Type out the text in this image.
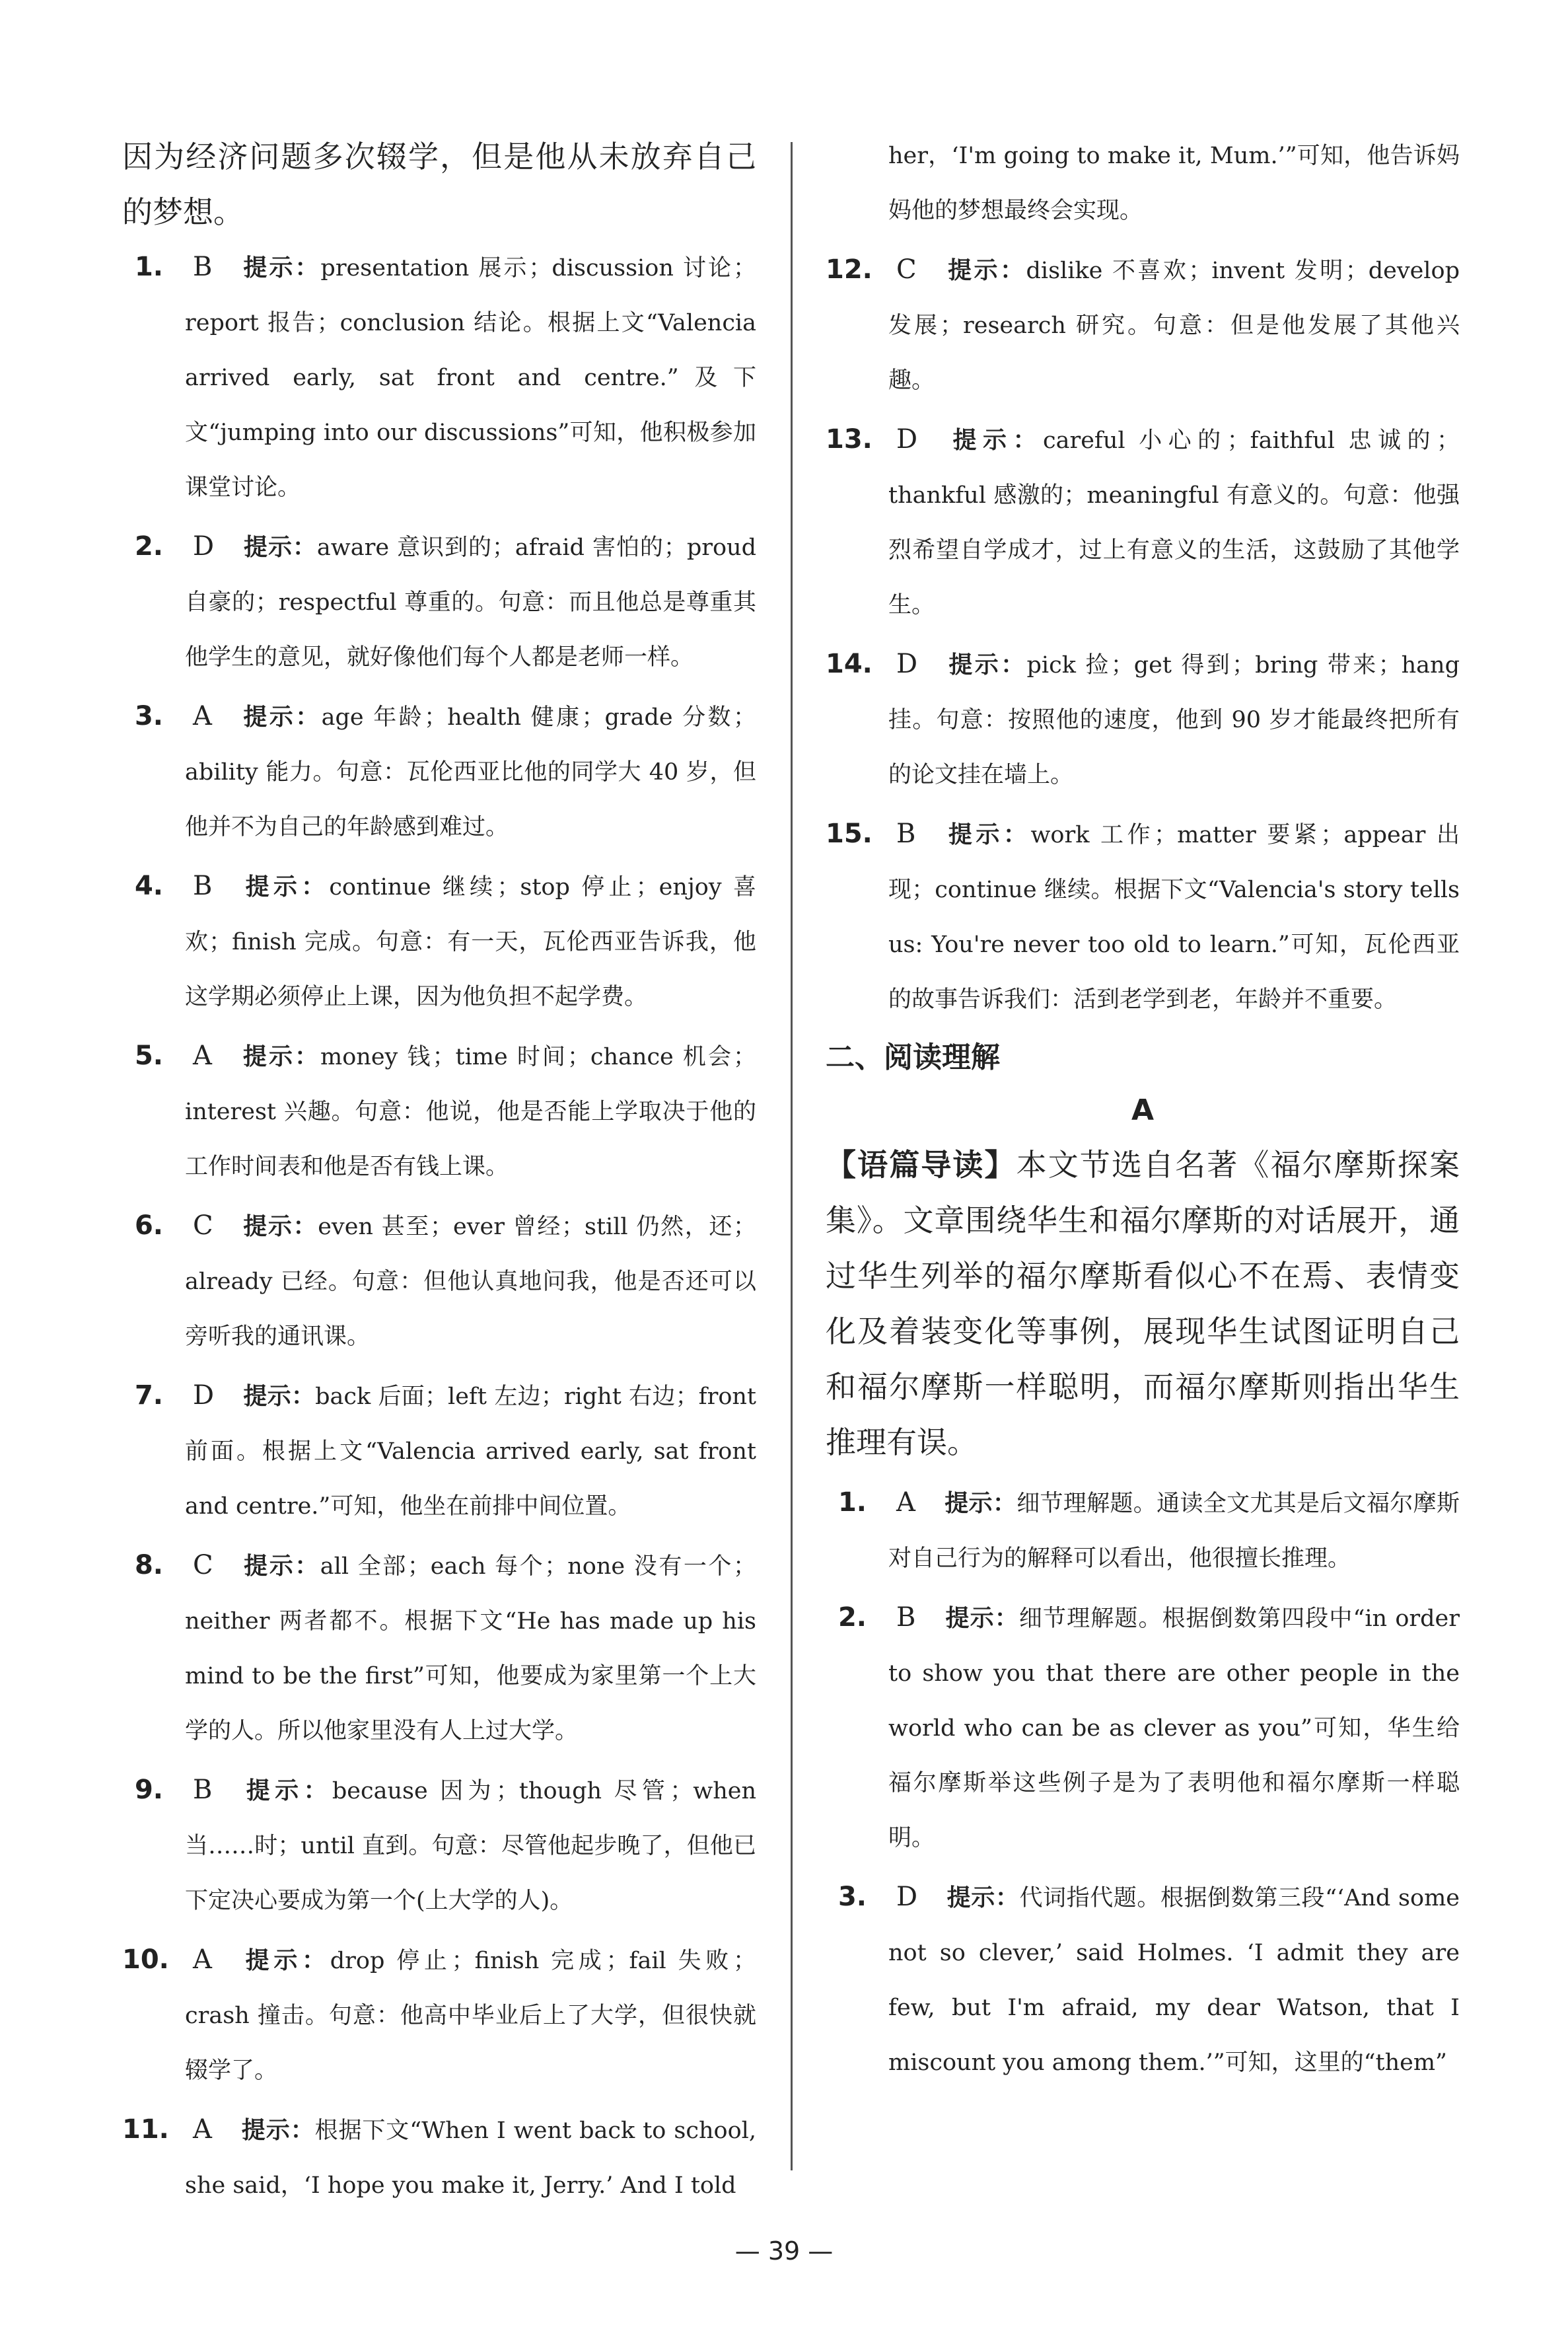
因为经济问题多次辍学，但是他从未放弃自己的梦想。

1. B 提示：presentation 展示；discussion 讨论；report 报告；conclusion 结论。根据上文“Valencia arrived early, sat front and centre.”及下文“jumping into our discussions”可知，他积极参加课堂讨论。
2. D 提示：aware 意识到的；afraid 害怕的；proud 自豪的；respectful 尊重的。句意：而且他总是尊重其他学生的意见，就好像他们每个人都是老师一样。
3. A 提示：age 年龄；health 健康；grade 分数；ability 能力。句意：瓦伦西亚比他的同学大 40 岁，但他并不为自己的年龄感到难过。
4. B 提示：continue 继续；stop 停止；enjoy 喜欢；finish 完成。句意：有一天，瓦伦西亚告诉我，他这学期必须停止上课，因为他负担不起学费。
5. A 提示：money 钱；time 时间；chance 机会；interest 兴趣。句意：他说，他是否能上学取决于他的工作时间表和他是否有钱上课。
6. C 提示：even 甚至；ever 曾经；still 仍然，还；already 已经。句意：但他认真地问我，他是否还可以旁听我的通讯课。
7. D 提示：back 后面；left 左边；right 右边；front 前面。根据上文“Valencia arrived early, sat front and centre.”可知，他坐在前排中间位置。
8. C 提示：all 全部；each 每个；none 没有一个；neither 两者都不。根据下文“He has made up his mind to be the first”可知，他要成为家里第一个上大学的人。所以他家里没有人上过大学。
9. B 提示：because 因为；though 尽管；when 当……时；until 直到。句意：尽管他起步晚了，但他已下定决心要成为第一个(上大学的人)。
10. A 提示：drop 停止；finish 完成；fail 失败；crash 撞击。句意：他高中毕业后上了大学，但很快就辍学了。
11. A 提示：根据下文“When I went back to school, she said，‘I hope you make it, Jerry.’ And I told
her，‘I'm going to make it, Mum.’”可知，他告诉妈妈他的梦想最终会实现。
12. C 提示：dislike 不喜欢；invent 发明；develop 发展；research 研究。句意：但是他发展了其他兴趣。
13. D 提示：careful 小心的；faithful 忠诚的；thankful 感激的；meaningful 有意义的。句意：他强烈希望自学成才，过上有意义的生活，这鼓励了其他学生。
14. D 提示：pick 捡；get 得到；bring 带来；hang 挂。句意：按照他的速度，他到 90 岁才能最终把所有的论文挂在墙上。
15. B 提示：work 工作；matter 要紧；appear 出现；continue 继续。根据下文“Valencia's story tells us: You're never too old to learn.”可知，瓦伦西亚的故事告诉我们：活到老学到老，年龄并不重要。
二、阅读理解
A

【语篇导读】本文节选自名著《福尔摩斯探案集》。文章围绕华生和福尔摩斯的对话展开，通过华生列举的福尔摩斯看似心不在焉、表情变化及着装变化等事例，展现华生试图证明自己和福尔摩斯一样聪明，而福尔摩斯则指出华生推理有误。

1. A 提示：细节理解题。通读全文尤其是后文福尔摩斯对自己行为的解释可以看出，他很擅长推理。
2. B 提示：细节理解题。根据倒数第四段中“in order to show you that there are other people in the world who can be as clever as you”可知，华生给福尔摩斯举这些例子是为了表明他和福尔摩斯一样聪明。
3. D 提示：代词指代题。根据倒数第三段“‘And some not so clever,’ said Holmes. ‘I admit they are few, but I'm afraid, my dear Watson, that I miscount you among them.’”可知，这里的“them”
— 39 —
